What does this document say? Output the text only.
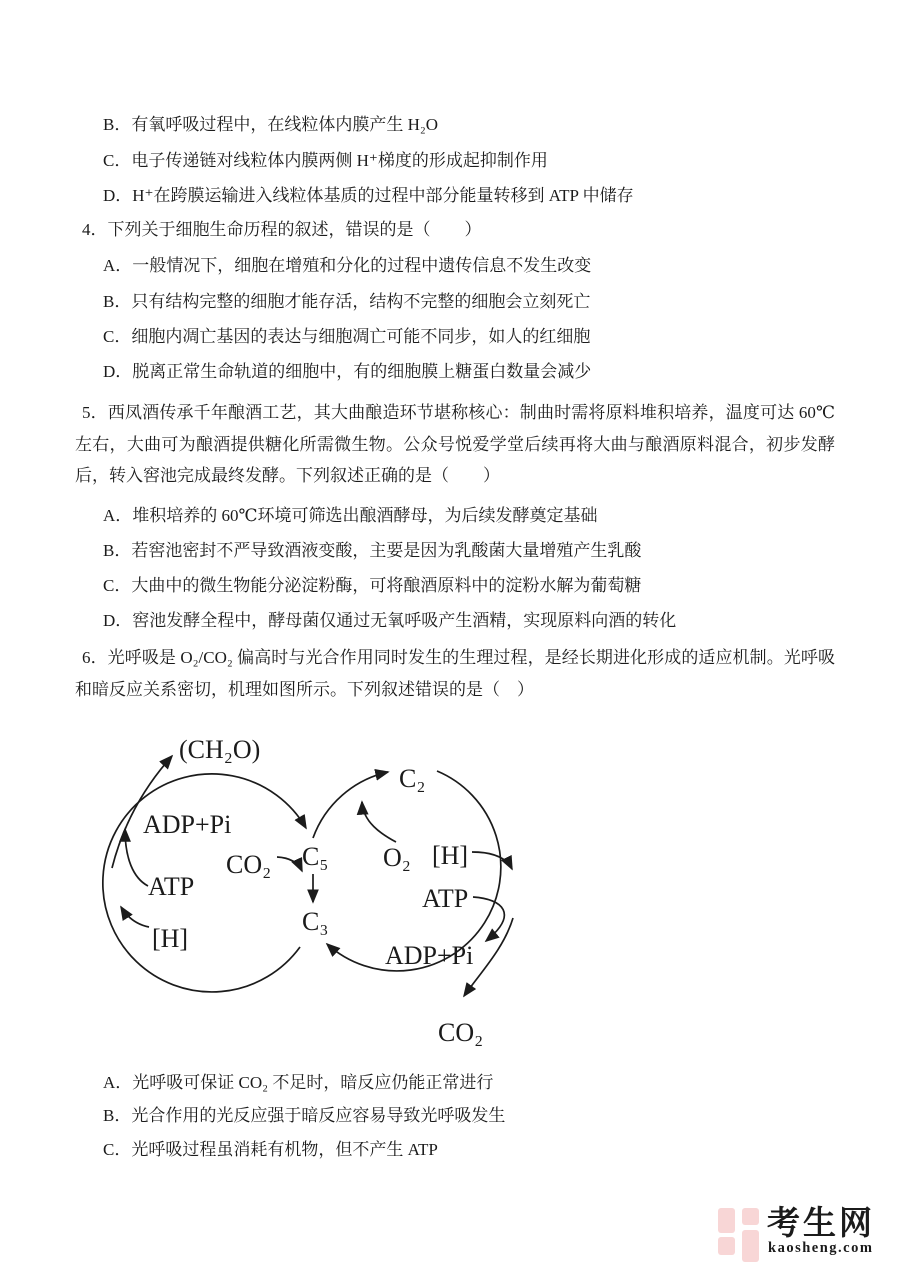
B．有氧呼吸过程中，在线粒体内膜产生 H₂O

C．电子传递链对线粒体内膜两侧 H⁺梯度的形成起抑制作用

D．H⁺在跨膜运输进入线粒体基质的过程中部分能量转移到 ATP 中储存

4．下列关于细胞生命历程的叙述，错误的是（　　）

A．一般情况下，细胞在增殖和分化的过程中遗传信息不发生改变

B．只有结构完整的细胞才能存活，结构不完整的细胞会立刻死亡

C．细胞内凋亡基因的表达与细胞凋亡可能不同步，如人的红细胞

D．脱离正常生命轨道的细胞中，有的细胞膜上糖蛋白数量会减少

5．西凤酒传承千年酿酒工艺，其大曲酿造环节堪称核心：制曲时需将原料堆积培养，温度可达 60℃左右，大曲可为酿酒提供糖化所需微生物。公众号悦爱学堂后续再将大曲与酿酒原料混合，初步发酵后，转入窖池完成最终发酵。下列叙述正确的是（　　）

A．堆积培养的 60℃环境可筛选出酿酒酵母，为后续发酵奠定基础

B．若窖池密封不严导致酒液变酸，主要是因为乳酸菌大量增殖产生乳酸

C．大曲中的微生物能分泌淀粉酶，可将酿酒原料中的淀粉水解为葡萄糖

D．窖池发酵全程中，酵母菌仅通过无氧呼吸产生酒精，实现原料向酒的转化

6．光呼吸是 O₂/CO₂ 偏高时与光合作用同时发生的生理过程，是经长期进化形成的适应机制。光呼吸和暗反应关系密切，机理如图所示。下列叙述错误的是（　）

(CH₂O)
ADP+Pi
ATP
[H]
CO₂ C₅
C₃
C₂
O₂ [H]
ATP
ADP+Pi
CO₂

A．光呼吸可保证 CO₂ 不足时，暗反应仍能正常进行

B．光合作用的光反应强于暗反应容易导致光呼吸发生

C．光呼吸过程虽消耗有机物，但不产生 ATP

考生网
kaosheng.com
